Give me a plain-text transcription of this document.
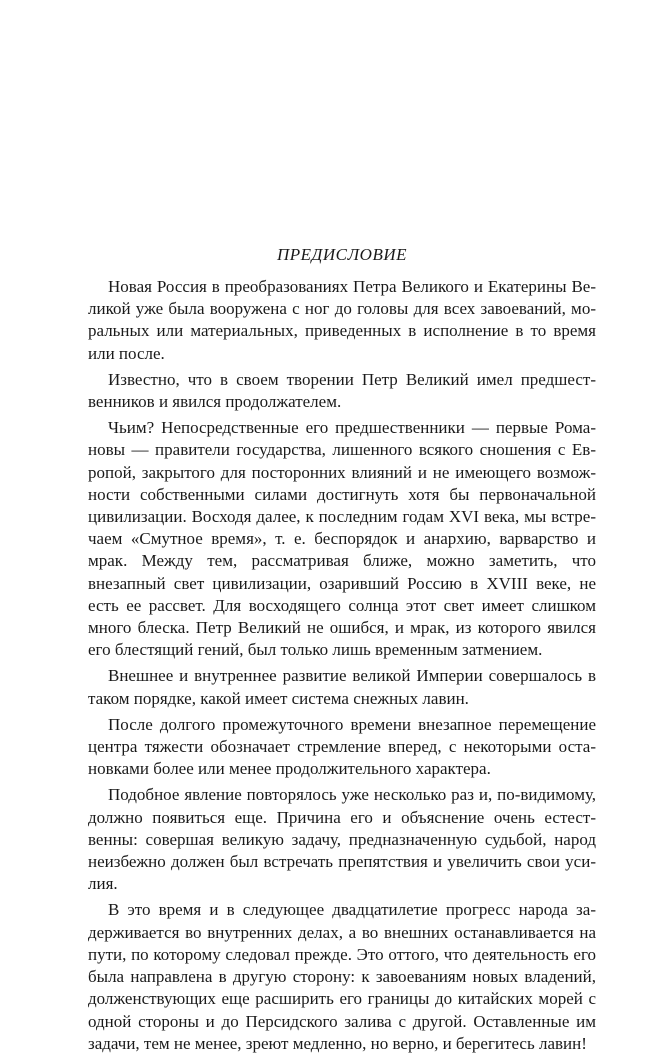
ПРЕДИСЛОВИЕ

Новая Россия в преобразованиях Петра Великого и Екатерины Великой уже была вооружена с ног до головы для всех завоеваний, моральных или материальных, приведенных в исполнение в то время или после.

Известно, что в своем творении Петр Великий имел предшественников и явился продолжателем.

Чьим? Непосредственные его предшественники — первые Романовы — правители государства, лишенного всякого сношения с Европой, закрытого для посторонних влияний и не имеющего возможности собственными силами достигнуть хотя бы первоначальной цивилизации. Восходя далее, к последним годам XVI века, мы встречаем «Смутное время», т. е. беспорядок и анархию, варварство и мрак. Между тем, рассматривая ближе, можно заметить, что внезапный свет цивилизации, озаривший Россию в XVIII веке, не есть ее рассвет. Для восходящего солнца этот свет имеет слишком много блеска. Петр Великий не ошибся, и мрак, из которого явился его блестящий гений, был только лишь временным затмением.

Внешнее и внутреннее развитие великой Империи совершалось в таком порядке, какой имеет система снежных лавин.

После долгого промежуточного времени внезапное перемещение центра тяжести обозначает стремление вперед, с некоторыми остановками более или менее продолжительного характера.

Подобное явление повторялось уже несколько раз и, по-видимому, должно появиться еще. Причина его и объяснение очень естественны: совершая великую задачу, предназначенную судьбой, народ неизбежно должен был встречать препятствия и увеличить свои усилия.

В это время и в следующее двадцатилетие прогресс народа задерживается во внутренних делах, а во внешних останавливается на пути, по которому следовал прежде. Это оттого, что деятельность его была направлена в другую сторону: к завоеваниям новых владений, долженствующих еще расширить его границы до китайских морей с одной стороны и до Персидского залива с другой. Оставленные им задачи, тем не менее, зреют медленно, но верно, и берегитесь лавин!
